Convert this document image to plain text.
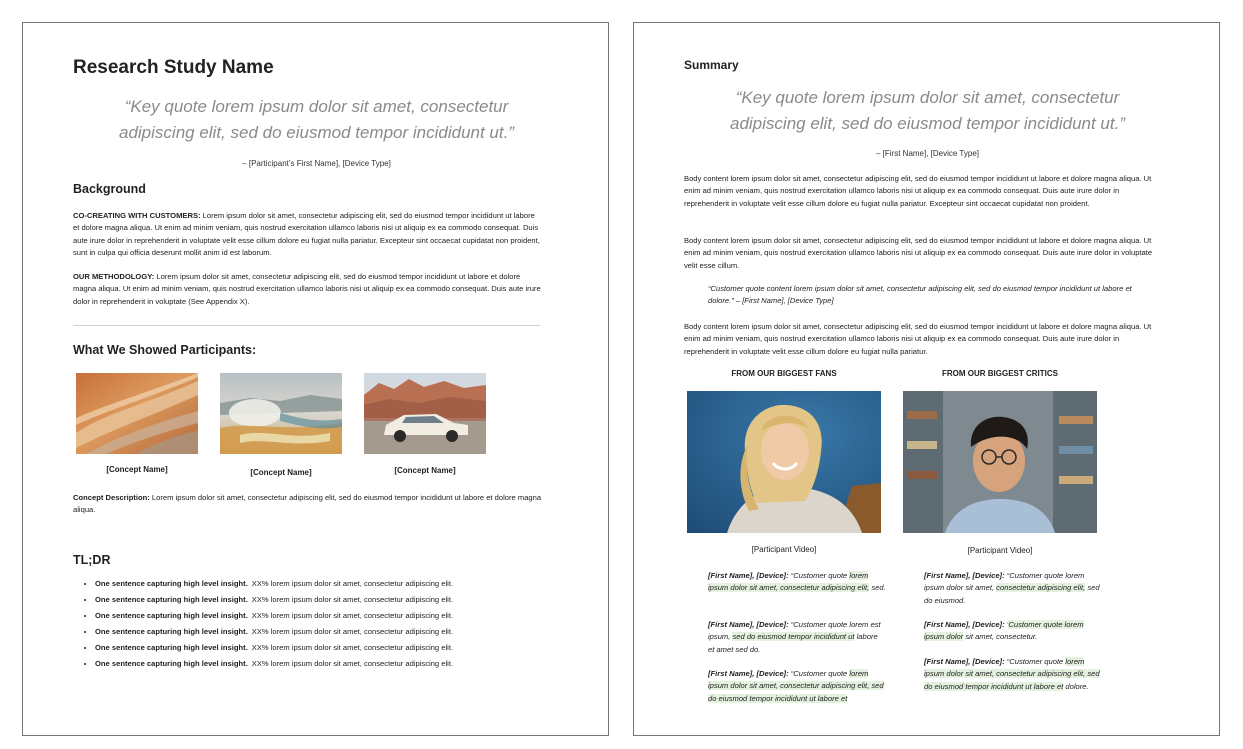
Research Study Name
“Key quote lorem ipsum dolor sit amet, consectetur
adipiscing elit, sed do eiusmod tempor incididunt ut.”
– [Participant’s First Name], [Device Type]
Background
CO-CREATING WITH CUSTOMERS: Lorem ipsum dolor sit amet, consectetur adipiscing elit, sed do eiusmod tempor incididunt ut labore et dolore magna aliqua. Ut enim ad minim veniam, quis nostrud exercitation ullamco laboris nisi ut aliquip ex ea commodo consequat. Duis aute irure dolor in reprehenderit in voluptate velit esse cillum dolore eu fugiat nulla pariatur. Excepteur sint occaecat cupidatat non proident, sunt in culpa qui officia deserunt mollit anim id est laborum.
OUR METHODOLOGY: Lorem ipsum dolor sit amet, consectetur adipiscing elit, sed do eiusmod tempor incididunt ut labore et dolore magna aliqua. Ut enim ad minim veniam, quis nostrud exercitation ullamco laboris nisi ut aliquip ex ea commodo consequat. Duis aute irure dolor in reprehenderit in voluptate (See Appendix X).
What We Showed Participants:
[Concept Name]	[Concept Name]	[Concept Name]
Concept Description: Lorem ipsum dolor sit amet, consectetur adipiscing elit, sed do eiusmod tempor incididunt ut labore et dolore magna aliqua.
TL;DR
• One sentence capturing high level insight. XX% lorem ipsum dolor sit amet, consectetur adipiscing elit.
• One sentence capturing high level insight. XX% lorem ipsum dolor sit amet, consectetur adipiscing elit.
• One sentence capturing high level insight. XX% lorem ipsum dolor sit amet, consectetur adipiscing elit.
• One sentence capturing high level insight. XX% lorem ipsum dolor sit amet, consectetur adipiscing elit.
• One sentence capturing high level insight. XX% lorem ipsum dolor sit amet, consectetur adipiscing elit.
• One sentence capturing high level insight. XX% lorem ipsum dolor sit amet, consectetur adipiscing elit.
Summary
“Key quote lorem ipsum dolor sit amet, consectetur
adipiscing elit, sed do eiusmod tempor incididunt ut.”
– [First Name], [Device Type]
Body content lorem ipsum dolor sit amet, consectetur adipiscing elit, sed do eiusmod tempor incididunt ut labore et dolore magna aliqua. Ut enim ad minim veniam, quis nostrud exercitation ullamco laboris nisi ut aliquip ex ea commodo consequat. Duis aute irure dolor in reprehenderit in voluptate velit esse cillum dolore eu fugiat nulla pariatur. Excepteur sint occaecat cupidatat non proident.
Body content lorem ipsum dolor sit amet, consectetur adipiscing elit, sed do eiusmod tempor incididunt ut labore et dolore magna aliqua. Ut enim ad minim veniam, quis nostrud exercitation ullamco laboris nisi ut aliquip ex ea commodo consequat. Duis aute irure dolor in voluptate velit esse cillum.
“Customer quote content lorem ipsum dolor sit amet, consectetur adipiscing elit, sed do eiusmod tempor incididunt ut labore et dolore.” – [First Name], [Device Type]
Body content lorem ipsum dolor sit amet, consectetur adipiscing elit, sed do eiusmod tempor incididunt ut labore et dolore magna aliqua. Ut enim ad minim veniam, quis nostrud exercitation ullamco laboris nisi ut aliquip ex ea commodo consequat. Duis aute irure dolor in reprehenderit in voluptate velit esse cillum dolore eu fugiat nulla pariatur.
FROM OUR BIGGEST FANS
[Participant Video]
[First Name], [Device]: “Customer quote lorem ipsum dolor sit amet, consectetur adipiscing elit, sed.
[First Name], [Device]: “Customer quote lorem est ipsum, sed do eiusmod tempor incididunt ut labore et amet sed do.
[First Name], [Device]: “Customer quote lorem ipsum dolor sit amet, consectetur adipiscing elit, sed do eiusmod tempor incididunt ut labore et
FROM OUR BIGGEST CRITICS
[Participant Video]
[First Name], [Device]: “Customer quote lorem ipsum dolor sit amet, consectetur adipiscing elit, sed do eiusmod.
[First Name], [Device]: ‘Customer quote lorem ipsum dolor sit amet, consectetur.
[First Name], [Device]: “Customer quote lorem ipsum dolor sit amet, consectetur adipiscing elit, sed do eiusmod tempor incididunt ut labore et dolore.
